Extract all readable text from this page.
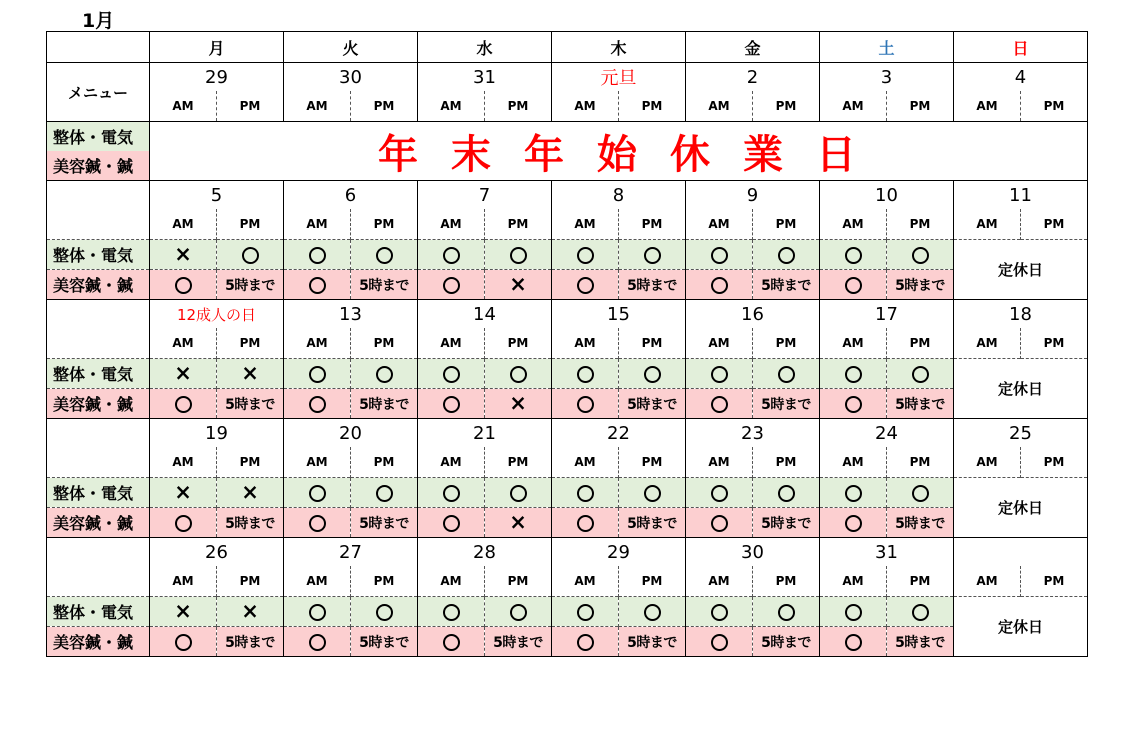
1月
	月		火		水		木		金		土		日	
メニュー	29		30		31		元旦		2		3		4	
	AM	PM	AM	PM	AM	PM	AM	PM	AM	PM	AM	PM	AM	PM
整体・電気	年末年始休業日													
美容鍼・鍼														
	5		6		7		8		9		10		11	
	AM	PM	AM	PM	AM	PM	AM	PM	AM	PM	AM	PM	AM	PM
整体・電気	×												定休日	
美容鍼・鍼		5時まで		5時まで		×		5時まで		5時まで		5時まで		
	12成人の日		13		14		15		16		17		18	
	AM	PM	AM	PM	AM	PM	AM	PM	AM	PM	AM	PM	AM	PM
整体・電気	×	×											定休日	
美容鍼・鍼		5時まで		5時まで		×		5時まで		5時まで		5時まで		
	19		20		21		22		23		24		25	
	AM	PM	AM	PM	AM	PM	AM	PM	AM	PM	AM	PM	AM	PM
整体・電気	×	×											定休日	
美容鍼・鍼		5時まで		5時まで		×		5時まで		5時まで		5時まで		
	26		27		28		29		30		31			
	AM	PM	AM	PM	AM	PM	AM	PM	AM	PM	AM	PM	AM	PM
整体・電気	×	×											定休日	
美容鍼・鍼		5時まで		5時まで		5時まで		5時まで		5時まで		5時まで		
